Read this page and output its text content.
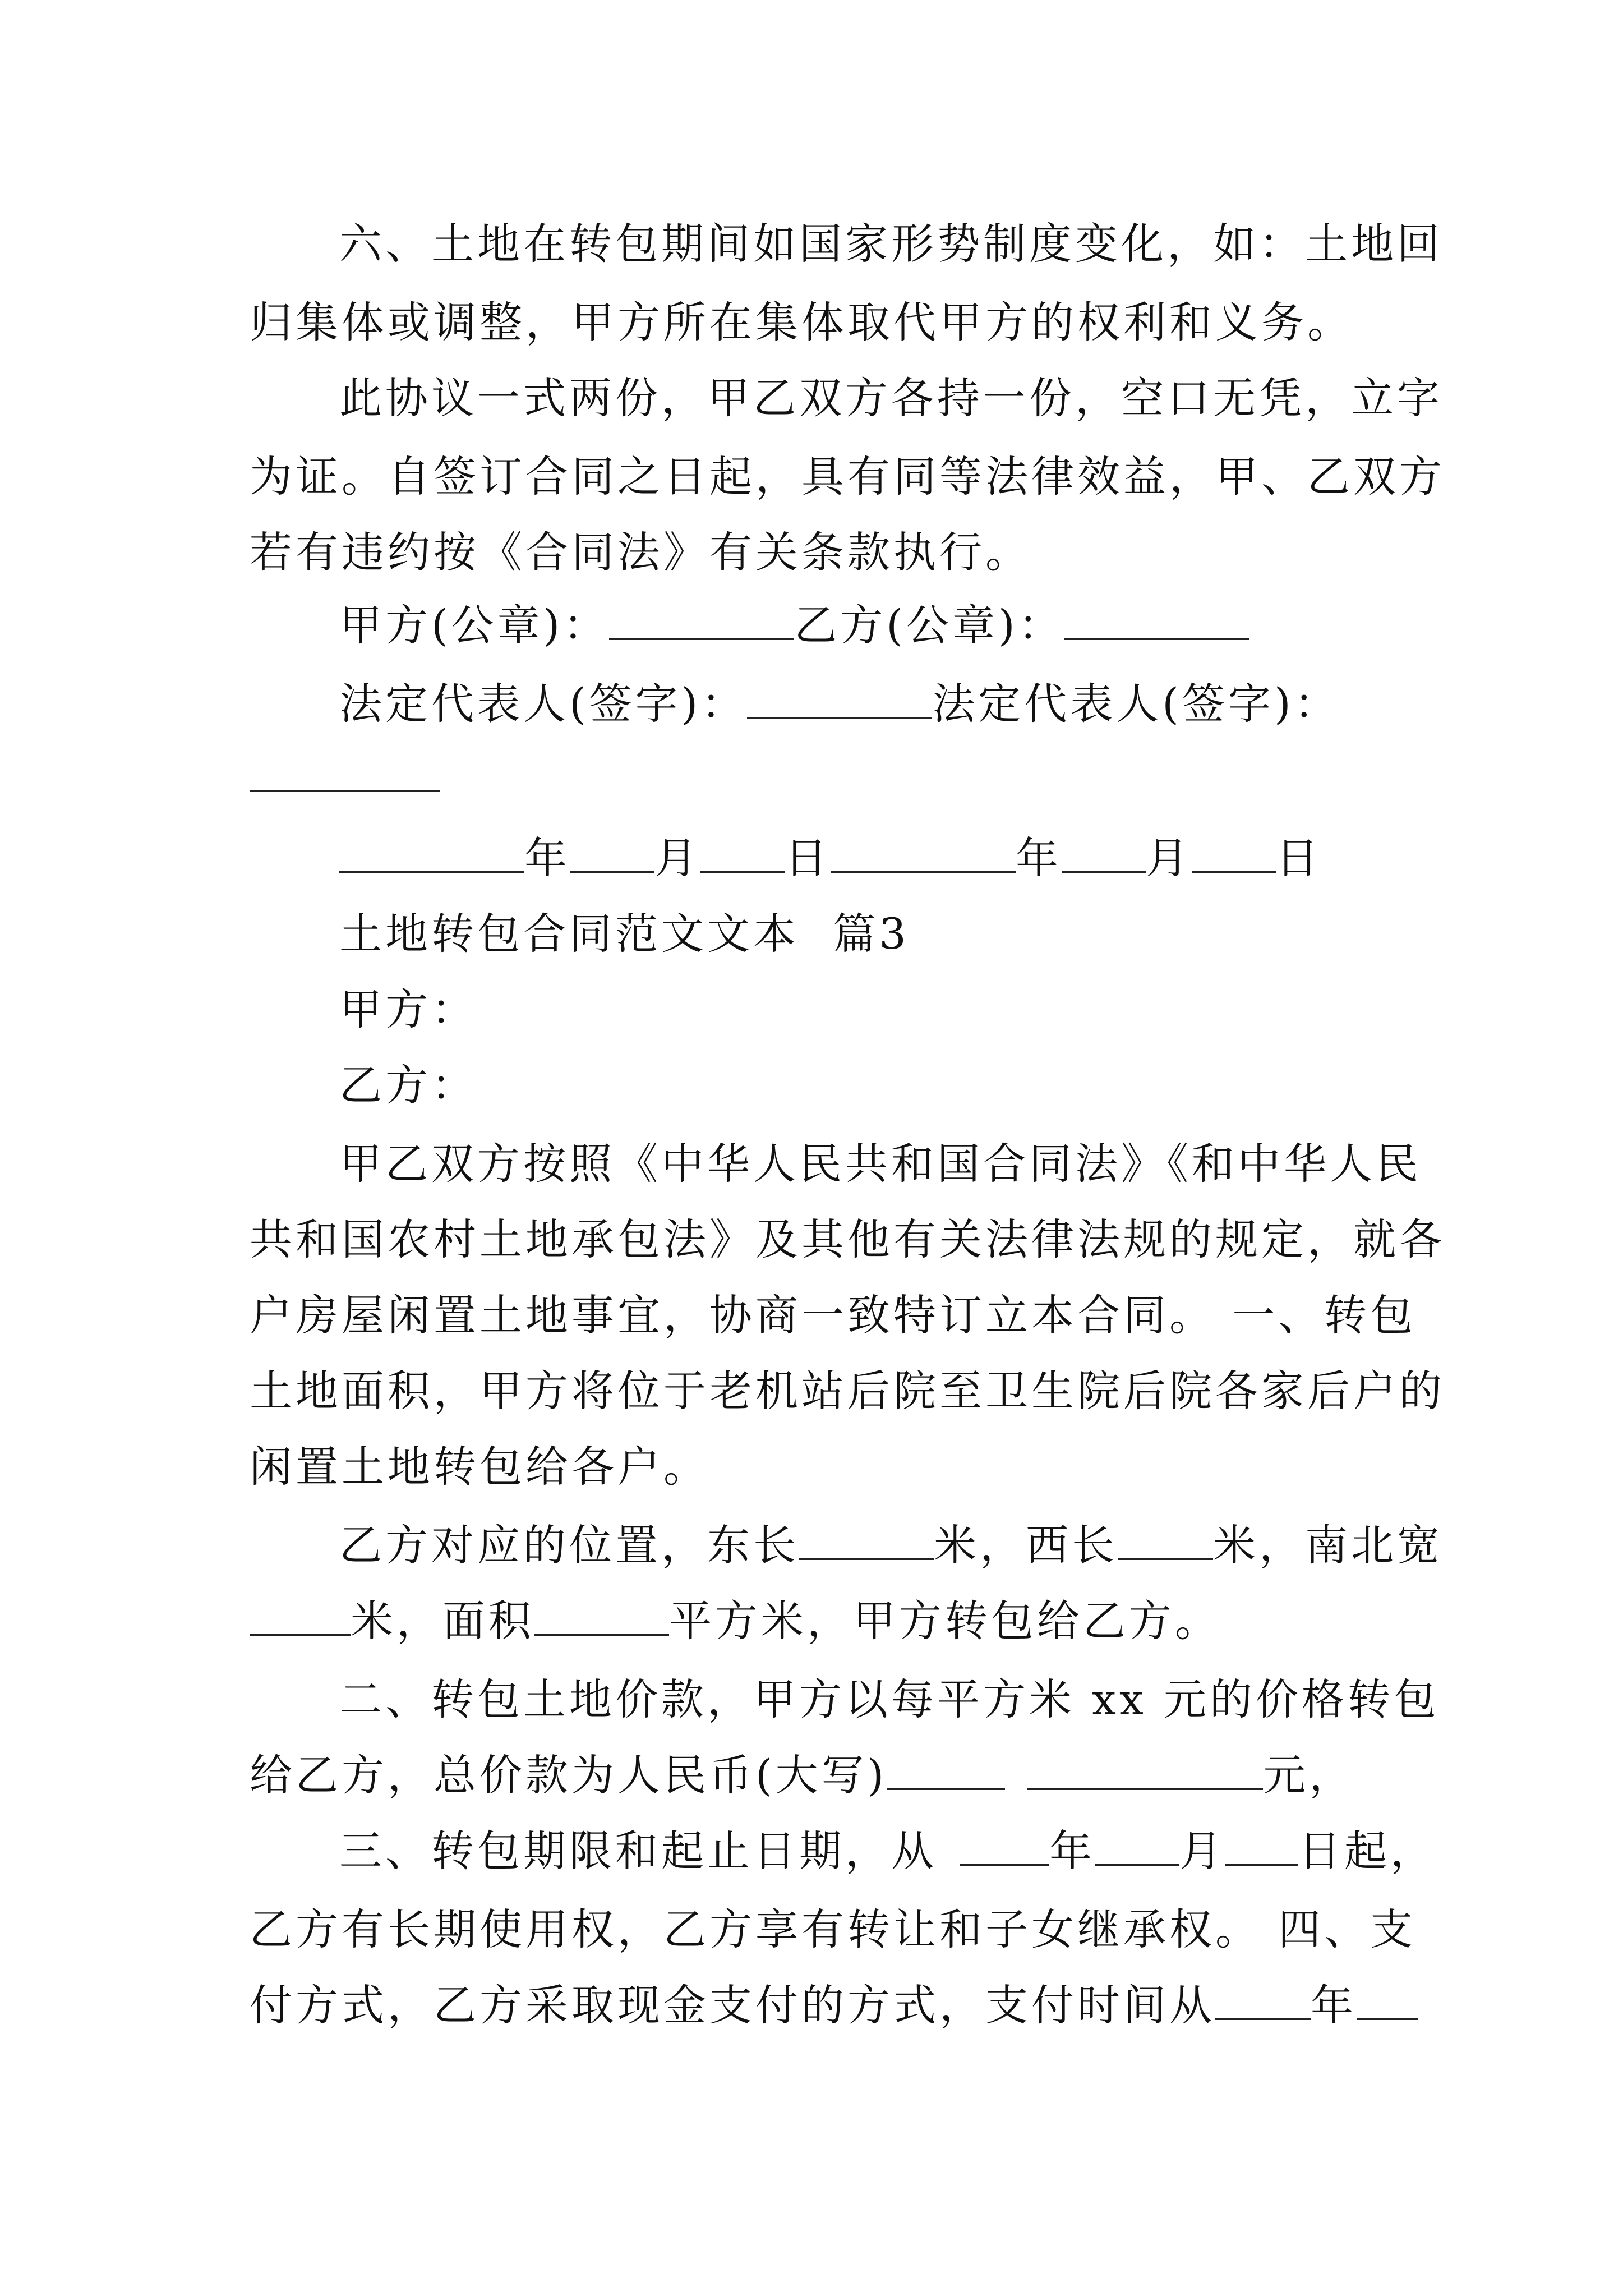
六、土地在转包期间如国家形势制度变化，如：土地回
归集体或调整，甲方所在集体取代甲方的权利和义务。
此协议一式两份，甲乙双方各持一份，空口无凭，立字
为证。自签订合同之日起，具有同等法律效益，甲、乙双方
若有违约按《合同法》有关条款执行。
甲方(公章)：	乙方(公章)：
法定代表人(签字)：	法定代表人(签字)：
年 月 日	年 月 日
土地转包合同范文文本  篇3
甲方：
乙方：
甲乙双方按照《中华人民共和国合同法》《和中华人民
共和国农村土地承包法》及其他有关法律法规的规定，就各
户房屋闲置土地事宜，协商一致特订立本合同。 一、转包
土地面积，甲方将位于老机站后院至卫生院后院各家后户的
闲置土地转包给各户。
乙方对应的位置，东长	米，西长 米，南北宽
米，面积	平方米，甲方转包给乙方。
二、转包土地价款，甲方以每平方米 xx 元的价格转包
给乙方，总价款为人民币(大写)	元，
三、转包期限和起止日期，从	年 月 日起，
乙方有长期使用权，乙方享有转让和子女继承权。 四、支
付方式，乙方采取现金支付的方式，支付时间从 年
